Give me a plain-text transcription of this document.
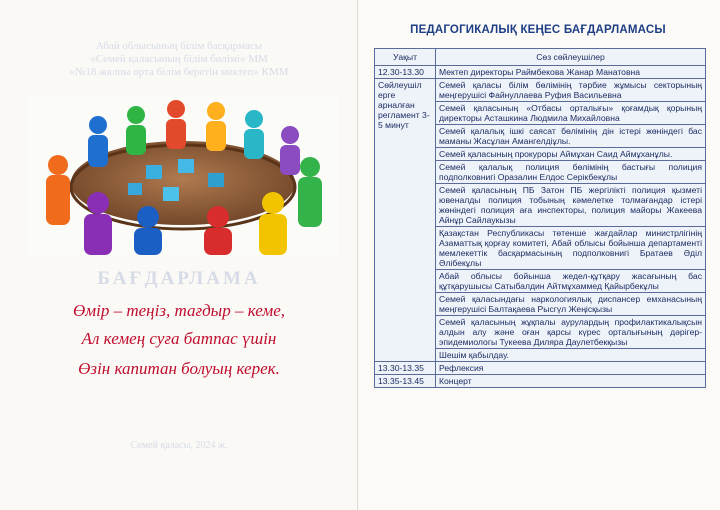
Абай облысының білім басқармасы
«Семей қаласының білім бөлімі» ММ
«№18 жалпы орта білім беретін мектеп» КММ
БАҒДАРЛАМА
Өмір – теңіз, тағдыр – кеме,
Ал кемең суға батпас үшін
Өзін капитан болуың керек.
Семей қаласы, 2024 ж.
ПЕДАГОГИКАЛЫҚ КЕҢЕС БАҒДАРЛАМАСЫ
Уақыт	Сөз сөйлеушілер
12.30-13.30	Мектеп директоры Раймбекова Жанар Манатовна
Сөйлеушіл ерге арналған регламент 3-5 минут	Семей қаласы білім бөлімінің тәрбие жұмысы секторының меңгерушісі Файнуллаева Руфия Васильевна
	Семей қаласының «Отбасы орталығы» қоғамдық қорының директоры Асташкина Людмила Михайловна
	Семей қалалық ішкі саясат бөлімінің дін істері жөніндегі бас маманы Жасұлан Амангелдіұлы.
	Семей қаласының прокуроры Аймұхан Саид Аймұханұлы.
	Семей қалалық полиция бөлімінің бастығы полиция подполковнигі Оразалин Елдос Серікбекұлы
	Семей қаласының ПБ Затон ПБ жергілікті полиция қызметі ювеналды полиция тобының кәмелетке толмағандар істері жөніндегі полиция аға инспекторы, полиция майоры Жакеева Айнұр Сайлаукызы
	Қазақстан Республикасы төтенше жағдайлар министрлігінің Азаматтық қорғау комитеті, Абай облысы бойынша департаменті мемлекеттік басқармасының подполковнигі Братаев Әділ Әлібекұлы
	Абай облысы бойынша жедел-құтқару жасағының бас құтқарушысы Сатыбалдин Айтмұхаммед Қайырбекұлы
	Семей қаласындағы наркологиялық диспансер емханасының меңгерушісі Балтақаева Рысгүл Жеңісқызы
	Семей қаласының жұқпалы аурулардың профилактикалықсын алдын алу және оған қарсы күрес орталығының дәрігер-эпидемиологы Тукеева Диляра Даулетбекқызы
	Шешім қабылдау.
13.30-13.35	Рефлексия
13.35-13.45	Концерт
